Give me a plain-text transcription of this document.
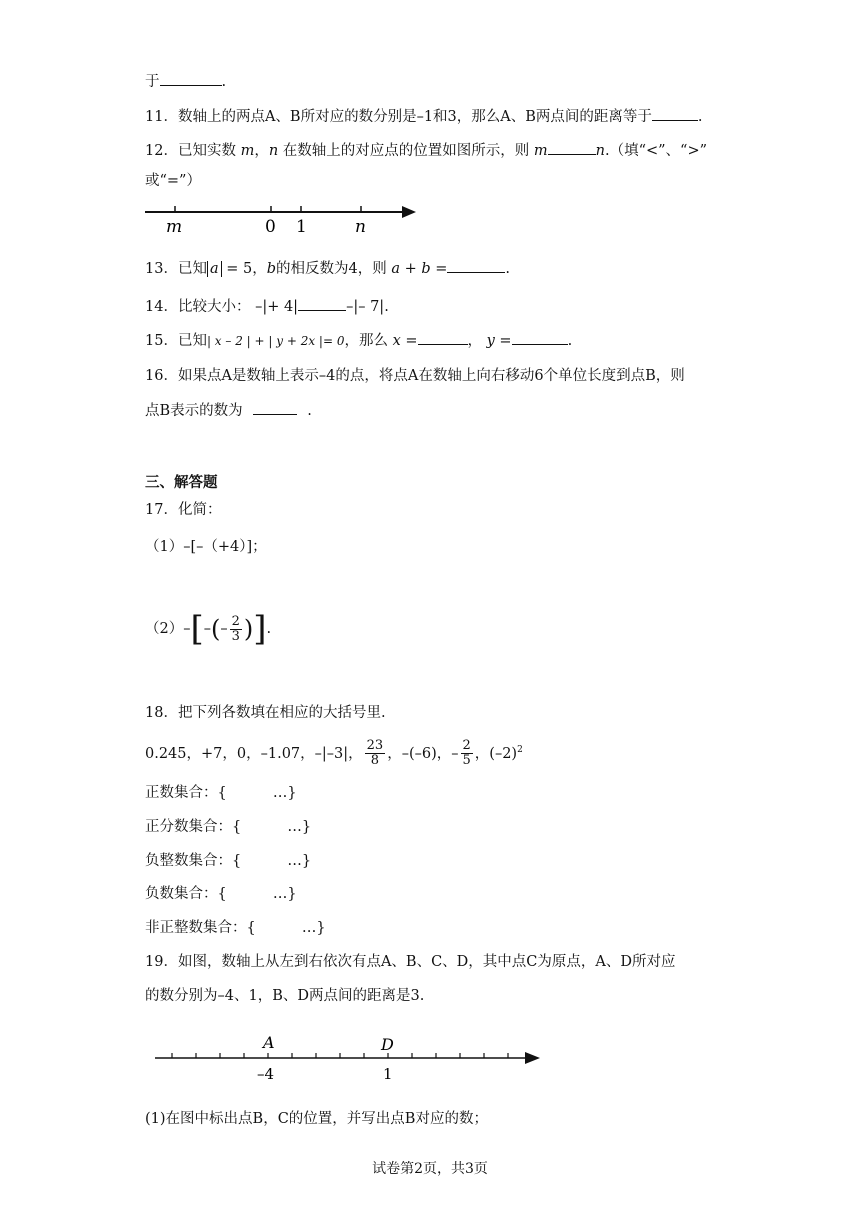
于	.
11．数轴上的两点A、B所对应的数分别是–1和3，那么A、B两点间的距离等于	.
12．已知实数 m，n 在数轴上的对应点的位置如图所示，则 m	n.（填“<”、“>”
或“=”）
m	0 1	n
13．已知 a = 5，b的相反数为4，则 a + b =	.
14．比较大小： –|+ 4|	–|– 7|.
15．已知| x – 2 | + | y + 2x |= 0，那么 x =	， y =	.
16．如果点A是数轴上表示–4的点，将点A在数轴上向右移动6个单位长度到点B，则
点B表示的数为	.
三、解答题
17．化简：
（1）–[–（+4）]；
$(2)-[-(- \frac{2}{3}$ )].
18．把下列各数填在相应的大括号里.
0.245，+7，0，–1.07，–|–3|， $\frac{23}{8}$ ，–(–6)，– $\frac{2}{5}$ ，$(-2)^2$
正数集合：{          …}
正分数集合：{          …}
负整数集合：{          …}
负数集合：{          …}
非正整数集合：{          …}
19．如图，数轴上从左到右依次有点A、B、C、D，其中点C为原点，A、D所对应
的数分别为–4、1，B、D两点间的距离是3.
A	D
–4	1
(1)在图中标出点B，C的位置，并写出点B对应的数；
试卷第2页，共3页
